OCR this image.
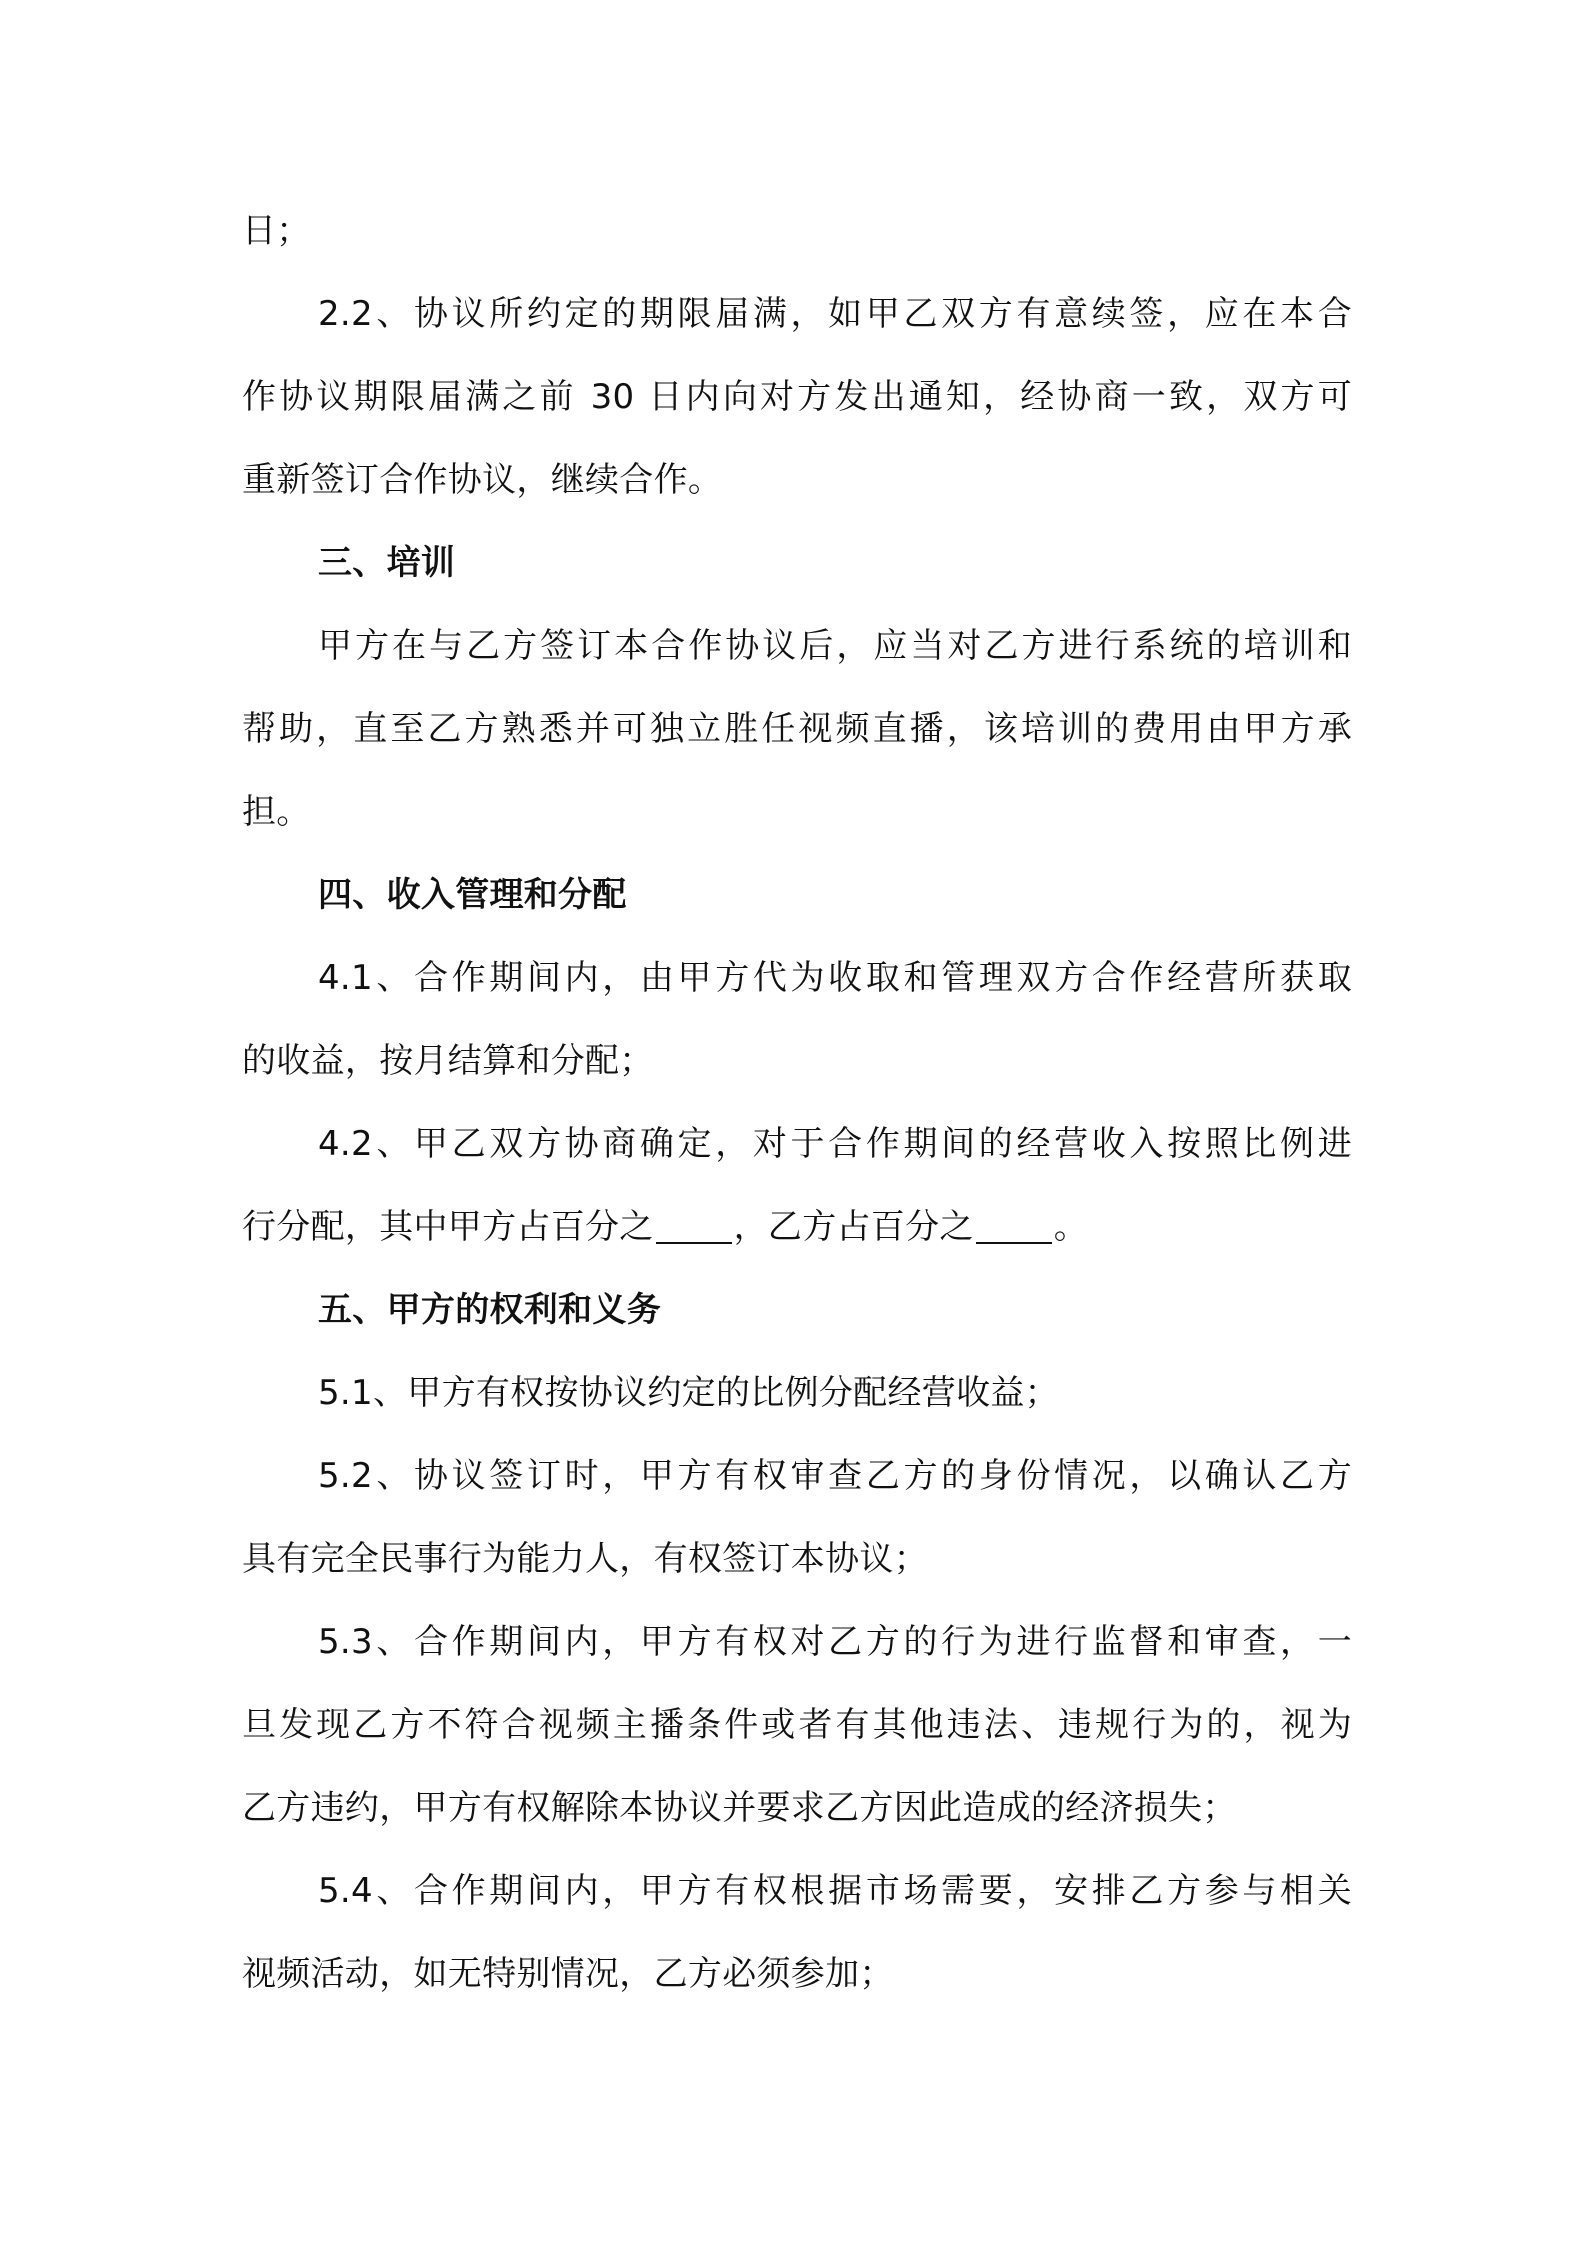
日；
2.2、协议所约定的期限届满，如甲乙双方有意续签，应在本合
作协议期限届满之前 30 日内向对方发出通知，经协商一致，双方可
重新签订合作协议，继续合作。
三、培训
甲方在与乙方签订本合作协议后，应当对乙方进行系统的培训和
帮助，直至乙方熟悉并可独立胜任视频直播，该培训的费用由甲方承
担。
四、收入管理和分配
4.1、合作期间内，由甲方代为收取和管理双方合作经营所获取
的收益，按月结算和分配；
4.2、甲乙双方协商确定，对于合作期间的经营收入按照比例进
行分配，其中甲方占百分之 ，乙方占百分之 。
五、甲方的权利和义务
5.1、甲方有权按协议约定的比例分配经营收益；
5.2、协议签订时，甲方有权审查乙方的身份情况，以确认乙方
具有完全民事行为能力人，有权签订本协议；
5.3、合作期间内，甲方有权对乙方的行为进行监督和审查，一
旦发现乙方不符合视频主播条件或者有其他违法、违规行为的，视为
乙方违约，甲方有权解除本协议并要求乙方因此造成的经济损失；
5.4、合作期间内，甲方有权根据市场需要，安排乙方参与相关
视频活动，如无特别情况，乙方必须参加；
